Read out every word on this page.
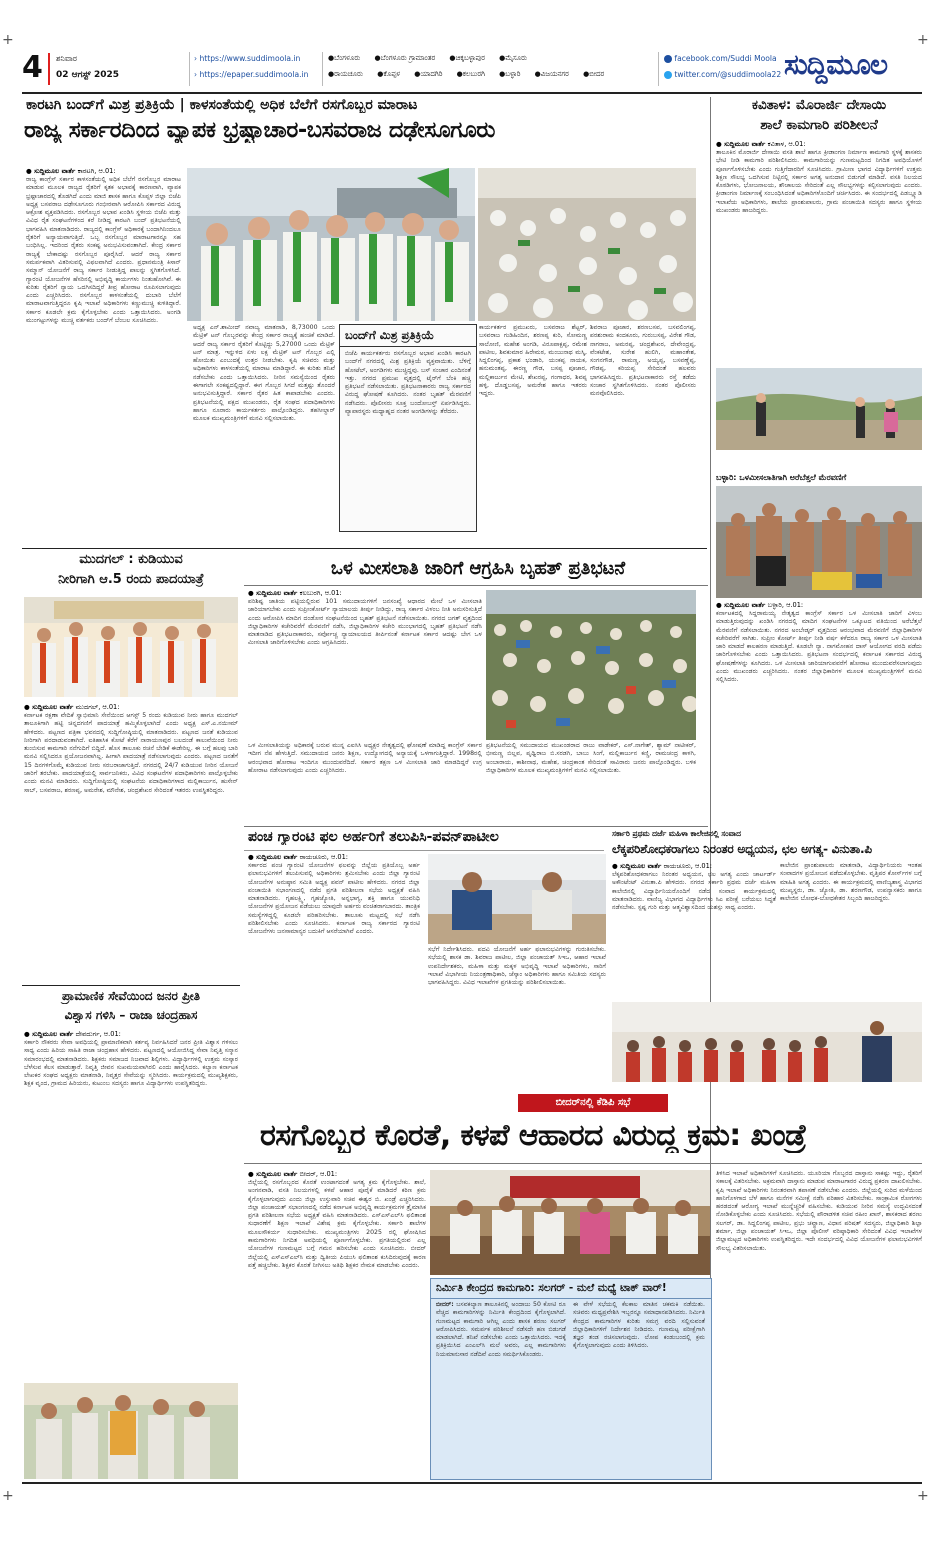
+	+
+	+
4 ಶನಿವಾರ
02 ಆಗಸ್ಟ್ 2025
› https://www.suddimoola.in
› https://epaper.suddimoola.in
●ಬೆಂಗಳೂರು ●ಬೆಂಗಳೂರು ಗ್ರಾಮಾಂತರ ●ಚಿಕ್ಕಬಳ್ಳಾಪುರ ●ಮೈಸೂರು
●ರಾಯಚೂರು ●ಕೊಪ್ಪಳ ●ಯಾದಗಿರಿ ●ಕಲಬುರಗಿ ●ಬಳ್ಳಾರಿ ●ವಿಜಯನಗರ ●ಬೀದರ
facebook.com/Suddi Moola
twitter.com/@suddimoola22 ಸುದ್ದಿಮೂಲ
ಕಾರಟಗಿ ಬಂದ್‌ಗೆ ಮಿಶ್ರ ಪ್ರತಿಕ್ರಿಯೆ | ಕಾಳಸಂತೆಯಲ್ಲಿ ಅಧಿಕ ಬೆಲೆಗೆ ರಸಗೊಬ್ಬರ ಮಾರಾಟ
ರಾಜ್ಯ ಸರ್ಕಾರದಿಂದ ವ್ಯಾಪಕ ಭ್ರಷ್ಟಾಚಾರ-ಬಸವರಾಜ ದಢೇಸೂಗೂರು
● ಸುದ್ದಿಮೂಲ ವಾರ್ತೆ ಕಾರಟಗಿ, ಆ.01:
ರಾಜ್ಯ ಕಾಂಗ್ರೆಸ್ ಸರ್ಕಾರ ಕಾಳಸಂತೆಯಲ್ಲಿ ಅಧಿಕ ಬೆಲೆಗೆ ರಸಗೊಬ್ಬರ ಮಾರಾಟ ಮಾಡುವ ಮೂಲಕ ರಾಜ್ಯದ ರೈತರಿಗೆ ಕೃತಕ ಅಭಾವಕ್ಕೆ ಕಾರಣವಾಗಿ, ವ್ಯಾಪಕ ಭ್ರಷ್ಟಾಚಾರದಲ್ಲಿ ತೊಡಗಿದೆ ಎಂದು ಮಾಜಿ ಶಾಸಕ ಹಾಗೂ ಕೊಪ್ಪಳ ಜಿಲ್ಲಾ ಬಿಜೆಪಿ ಅಧ್ಯಕ್ಷ ಬಸವರಾಜ ದಢೇಸೂಗೂರು ಗಂಭೀರವಾಗಿ ಆರೋಪಿಸಿ ಸರ್ಕಾರದ ವಿರುದ್ಧ ಆಕ್ರೋಶ ವ್ಯಕ್ತಪಡಿಸಿದರು. ರಸಗೊಬ್ಬರ ಅಭಾವ ಖಂಡಿಸಿ ಸ್ಥಳೀಯ ಬಿಜೆಪಿ ಮತ್ತು ವಿವಿಧ ರೈತ ಸಂಘಟನೆಗಳಿಂದ ಕರೆ ನೀಡಿದ್ದ ಕಾರಟಗಿ ಬಂದ್ ಪ್ರತಿಭಟನೆಯಲ್ಲಿ ಭಾಗವಹಿಸಿ ಮಾತನಾಡಿದರು. ರಾಜ್ಯದಲ್ಲಿ ಕಾಂಗ್ರೆಸ್ ಅಧಿಕಾರಕ್ಕೆ ಬಂದಾಗಿನಿಂದಲೂ ರೈತರಿಗೆ ಅನ್ಯಾಯವಾಗುತ್ತಿದೆ. ಒಬ್ಬ ರಸಗೊಬ್ಬರ ಮಾರಾಟಗಾರನ್ನೂ ಸಹ ಬಂಧಿಸಿಲ್ಲ. ಇದರಿಂದ ರೈತರು ಸಂಕಷ್ಟ ಅನುಭವಿಸುವಂತಾಗಿದೆ. ಕೇಂದ್ರ ಸರ್ಕಾರ ರಾಜ್ಯಕ್ಕೆ ಬೇಕಾದಷ್ಟು ರಸಗೊಬ್ಬರ ಪೂರೈಸಿದೆ. ಆದರೆ ರಾಜ್ಯ ಸರ್ಕಾರ ಸಮರ್ಪಕವಾಗಿ ವಿತರಿಸುವಲ್ಲಿ ವಿಫಲವಾಗಿದೆ ಎಂದರು. ಪ್ರಧಾನಮಂತ್ರಿ ಕಿಸಾನ್ ಸಮ್ಮಾನ್ ಯೋಜನೆಗೆ ರಾಜ್ಯ ಸರ್ಕಾರ ನೀಡುತ್ತಿದ್ದ ಪಾಲನ್ನು ಸ್ಥಗಿತಗೊಳಿಸಿದೆ. ಗ್ಯಾರಂಟಿ ಯೋಜನೆಗಳ ಹೆಸರಿನಲ್ಲಿ ಅಭಿವೃದ್ಧಿ ಕಾರ್ಯಗಳು ನಿಂತುಹೋಗಿವೆ. ಈ ಕುರಿತು ರೈತರಿಗೆ ನ್ಯಾಯ ಒದಗಿಸದಿದ್ದರೆ ತೀವ್ರ ಹೋರಾಟ ರೂಪಿಸಲಾಗುವುದು ಎಂದು ಎಚ್ಚರಿಸಿದರು. ರಸಗೊಬ್ಬರ ಕಾಳಸಂತೆಯಲ್ಲಿ ದುಬಾರಿ ಬೆಲೆಗೆ ಮಾರಾಟವಾಗುತ್ತಿದ್ದರೂ ಕೃಷಿ ಇಲಾಖೆ ಅಧಿಕಾರಿಗಳು ಕಣ್ಣುಮುಚ್ಚಿ ಕುಳಿತಿದ್ದಾರೆ. ಸರ್ಕಾರ ಕೂಡಲೇ ಕ್ರಮ ಕೈಗೊಳ್ಳಬೇಕು ಎಂದು ಒತ್ತಾಯಿಸಿದರು. ಅಂಗಡಿ ಮುಂಗಟ್ಟುಗಳನ್ನು ಮುಚ್ಚಿ ವರ್ತಕರು ಬಂದ್‌ಗೆ ಬೆಂಬಲ ಸೂಚಿಸಿದರು.
ಅಧ್ಯಕ್ಷ ಎನ್.ಶಾಮೀದ್ ನವಾಜ್ಯ ಮಾತನಾಡಿ, 8,73000 ಒಂದು ಮೆಟ್ರಿಕ್ ಟನ್ ಗೊಬ್ಬರವನ್ನು ಕೇಂದ್ರ ಸರ್ಕಾರ ರಾಜ್ಯಕ್ಕೆ ಹಂಚಿಕೆ ಮಾಡಿದೆ. ಆದರೆ ರಾಜ್ಯ ಸರ್ಕಾರ ರೈತರಿಗೆ ಕೊಟ್ಟಿದ್ದು 5,27000 ಒಂದು ಮೆಟ್ರಿಕ್ ಟನ್ ಮಾತ್ರ. ಇನ್ನುಳಿದ ಏಳು ಲಕ್ಷ ಮೆಟ್ರಿಕ್ ಟನ್ ಗೊಬ್ಬರ ಎಲ್ಲಿ ಹೋಯಿತು ಎಂಬುದಕ್ಕೆ ಉತ್ತರ ನೀಡಬೇಕು. ಕೃಷಿ ಸಚಿವರು ಮತ್ತು ಅಧಿಕಾರಿಗಳು ಕಾಳಸಂತೆಯಲ್ಲಿ ಮಾರಾಟ ಮಾಡಿದ್ದಾರೆ. ಈ ಕುರಿತು ತನಿಖೆ ನಡೆಸಬೇಕು ಎಂದು ಒತ್ತಾಯಿಸಿದರು. ನೀರಿನ ಸಮಸ್ಯೆಯಿಂದ ರೈತರು ಈಗಾಗಲೇ ಸಂಕಷ್ಟದಲ್ಲಿದ್ದಾರೆ. ಈಗ ಗೊಬ್ಬರ ಸಿಗದೆ ಮತ್ತಷ್ಟು ತೊಂದರೆ ಅನುಭವಿಸುತ್ತಿದ್ದಾರೆ. ಸರ್ಕಾರ ರೈತರ ಹಿತ ಕಾಪಾಡಬೇಕು ಎಂದರು. ಪ್ರತಿಭಟನೆಯಲ್ಲಿ ಪಕ್ಷದ ಮುಖಂಡರು, ರೈತ ಸಂಘದ ಪದಾಧಿಕಾರಿಗಳು ಹಾಗೂ ನೂರಾರು ಕಾರ್ಯಕರ್ತರು ಪಾಲ್ಗೊಂಡಿದ್ದರು. ತಹಸೀಲ್ದಾರ್ ಮೂಲಕ ಮುಖ್ಯಮಂತ್ರಿಗಳಿಗೆ ಮನವಿ ಸಲ್ಲಿಸಲಾಯಿತು.
ಬಂದ್‌ಗೆ ಮಿಶ್ರ ಪ್ರತಿಕ್ರಿಯೆ
ಬಿಜೆಪಿ ಕಾರ್ಯಕರ್ತರು ರಸಗೊಬ್ಬರ ಅಭಾವ ಖಂಡಿಸಿ ಕಾರಟಗಿ ಬಂದ್‌ಗೆ ನಗರದಲ್ಲಿ ಮಿಶ್ರ ಪ್ರತಿಕ್ರಿಯೆ ವ್ಯಕ್ತವಾಯಿತು. ಬೆಳಿಗ್ಗೆ ಹೋಟೆಲ್, ಅಂಗಡಿಗಳು ಮುಚ್ಚಿದ್ದವು. ಬಸ್ ಸಂಚಾರ ಎಂದಿನಂತೆ ಇತ್ತು. ನಗರದ ಪ್ರಮುಖ ವೃತ್ತದಲ್ಲಿ ಟೈರ್‌ಗೆ ಬೆಂಕಿ ಹಚ್ಚಿ ಪ್ರತಿಭಟನೆ ನಡೆಸಲಾಯಿತು. ಪ್ರತಿಭಟನಾಕಾರರು ರಾಜ್ಯ ಸರ್ಕಾರದ ವಿರುದ್ಧ ಘೋಷಣೆ ಕೂಗಿದರು. ನಂತರ ಬೃಹತ್ ಮೆರವಣಿಗೆ ನಡೆಸಿದರು. ಪೊಲೀಸರು ಸೂಕ್ತ ಬಂದೋಬಸ್ತ್ ಏರ್ಪಡಿಸಿದ್ದರು. ವ್ಯಾಪಾರಸ್ಥರು ಮಧ್ಯಾಹ್ನದ ನಂತರ ಅಂಗಡಿಗಳನ್ನು ತೆರೆದರು.
ಕಾರ್ಯಕರ್ತರ ಪ್ರಮುಖರು, ಬಸವರಾಜ ಶೆಟ್ಟರ್, ಬಸವರಾಜ ಗುಡಿಹಿಂದಿನ, ಶರಣಪ್ಪ ಕುರಿ, ಸೋಮಣ್ಣ ಸಾಲೋಣಿ, ಮಹೇಶ ಅಂಗಡಿ, ವಿರೂಪಾಕ್ಷಪ್ಪ, ರಮೇಶ ಪಾಟೀಲ, ಶಿವಕುಮಾರ ಹಿರೇಮಠ, ಮಂಜುನಾಥ ಮಸ್ಕಿ, ಸಿದ್ದಲಿಂಗಪ್ಪ, ಪ್ರಕಾಶ ಭಂಡಾರಿ, ಯಂಕಪ್ಪ ನಾಯಕ, ಹನುಮಂತಪ್ಪ, ಈರಣ್ಣ ಗೌಡ, ಬಸಪ್ಪ ಪೂಜಾರ, ಮಲ್ಲಿಕಾರ್ಜುನ ಮೇಟಿ, ಶೇಖರಪ್ಪ, ಗಂಗಾಧರ, ಶಿವಪ್ಪ ಹಳ್ಳಿ, ದೊಡ್ಡಬಸಪ್ಪ, ಅಮರೇಶ ಹಾಗೂ ಇತರರು ಇದ್ದರು.
ಶಿವರಾಜ ಪೂಜಾರ, ಶರಣಬಸವ, ಬಸವಲಿಂಗಪ್ಪ, ಪರಶುರಾಮ ಕಂದಕೂರು, ಗುರುಬಸಪ್ಪ, ವಿರೇಶ ಗೌಡ, ನಾಗರಾಜ, ಅಮರಪ್ಪ, ಚಂದ್ರಶೇಖರ, ದೇವೇಂದ್ರಪ್ಪ, ವೆಂಕಟೇಶ, ಸುರೇಶ ಹುಲಿಗಿ, ಮಹಾಂತೇಶ, ಸಂಗನಗೌಡ, ರಾಮಣ್ಣ, ಅಯ್ಯಪ್ಪ, ಬಸವಣ್ಣೆಪ್ಪ, ಗೌಡಪ್ಪ, ಕರಿಯಪ್ಪ ಸೇರಿದಂತೆ ಹಲವರು ಭಾಗವಹಿಸಿದ್ದರು. ಪ್ರತಿಭಟನಾಕಾರರು ರಸ್ತೆ ತಡೆದು ಸಂಚಾರ ಸ್ಥಗಿತಗೊಳಿಸಿದರು. ನಂತರ ಪೊಲೀಸರು ಮನವೊಲಿಸಿದರು.
ಕವಿತಾಳ: ಮೊರಾರ್ಜಿ ದೇಸಾಯಿ
ಶಾಲೆ ಕಾಮಗಾರಿ ಪರಿಶೀಲನೆ
● ಸುದ್ದಿಮೂಲ ವಾರ್ತೆ ಕವಿತಾಳ, ಆ.01:
ತಾಲೂಕಿನ ಮೊರಾರ್ಜಿ ದೇಸಾಯಿ ವಸತಿ ಶಾಲೆ ಹಾಗೂ ಕ್ರೀಡಾಂಗಣ ನಿರ್ಮಾಣ ಕಾಮಗಾರಿ ಸ್ಥಳಕ್ಕೆ ಶಾಸಕರು ಭೇಟಿ ನೀಡಿ ಕಾಮಗಾರಿ ಪರಿಶೀಲಿಸಿದರು. ಕಾಮಗಾರಿಯನ್ನು ಗುಣಮಟ್ಟದಿಂದ ನಿಗದಿತ ಅವಧಿಯೊಳಗೆ ಪೂರ್ಣಗೊಳಿಸಬೇಕು ಎಂದು ಗುತ್ತಿಗೆದಾರರಿಗೆ ಸೂಚಿಸಿದರು. ಗ್ರಾಮೀಣ ಭಾಗದ ವಿದ್ಯಾರ್ಥಿಗಳಿಗೆ ಉತ್ತಮ ಶಿಕ್ಷಣ ಸೌಲಭ್ಯ ಒದಗಿಸುವ ನಿಟ್ಟಿನಲ್ಲಿ ಸರ್ಕಾರ ಅಗತ್ಯ ಅನುದಾನ ಬಿಡುಗಡೆ ಮಾಡಿದೆ. ವಸತಿ ನಿಲಯದ ಕೊಠಡಿಗಳು, ಭೋಜನಾಲಯ, ಶೌಚಾಲಯ ಸೇರಿದಂತೆ ಎಲ್ಲ ಸೌಲಭ್ಯಗಳನ್ನು ಕಲ್ಪಿಸಲಾಗುವುದು ಎಂದರು. ಕ್ರೀಡಾಂಗಣ ನಿರ್ಮಾಣಕ್ಕೆ ಸಂಬಂಧಿಸಿದಂತೆ ಅಧಿಕಾರಿಗಳೊಂದಿಗೆ ಚರ್ಚಿಸಿದರು. ಈ ಸಂದರ್ಭದಲ್ಲಿ ಪಿಡಬ್ಲ್ಯೂಡಿ ಇಲಾಖೆಯ ಅಧಿಕಾರಿಗಳು, ಶಾಲೆಯ ಪ್ರಾಂಶುಪಾಲರು, ಗ್ರಾಮ ಪಂಚಾಯಿತಿ ಸದಸ್ಯರು ಹಾಗೂ ಸ್ಥಳೀಯ ಮುಖಂಡರು ಹಾಜರಿದ್ದರು.
ಬಳ್ಳಾರಿ: ಒಳಮೀಸಲಾತಿಗಾಗಿ ಅರೆಬೆತ್ತಲೆ ಮೆರವಣಿಗೆ
● ಸುದ್ದಿಮೂಲ ವಾರ್ತೆ ಬಳ್ಳಾರಿ, ಆ.01:
ಕರ್ನಾಟಕದಲ್ಲಿ ಸಿದ್ದರಾಮಯ್ಯ ನೇತೃತ್ವದ ಕಾಂಗ್ರೆಸ್ ಸರ್ಕಾರ ಒಳ ಮೀಸಲಾತಿ ಜಾರಿಗೆ ವಿಳಂಬ ಮಾಡುತ್ತಿರುವುದನ್ನು ಖಂಡಿಸಿ ನಗರದಲ್ಲಿ ಮಾದಿಗ ಸಂಘಟನೆಗಳ ಒಕ್ಕೂಟದ ವತಿಯಿಂದ ಅರೆಬೆತ್ತಲೆ ಮೆರವಣಿಗೆ ನಡೆಸಲಾಯಿತು. ನಗರದ ಅಂಬೇಡ್ಕರ್ ವೃತ್ತದಿಂದ ಆರಂಭವಾದ ಮೆರವಣಿಗೆ ಜಿಲ್ಲಾಧಿಕಾರಿಗಳ ಕಚೇರಿವರೆಗೆ ಸಾಗಿತು. ಸುಪ್ರೀಂ ಕೋರ್ಟ್ ತೀರ್ಪು ನೀಡಿ ವರ್ಷ ಕಳೆದರೂ ರಾಜ್ಯ ಸರ್ಕಾರ ಒಳ ಮೀಸಲಾತಿ ಜಾರಿ ಮಾಡದೆ ಕಾಲಹರಣ ಮಾಡುತ್ತಿದೆ. ಕೂಡಲೇ ನ್ಯಾ. ನಾಗಮೋಹನ ದಾಸ್ ಆಯೋಗದ ವರದಿ ಪಡೆದು ಜಾರಿಗೊಳಿಸಬೇಕು ಎಂದು ಒತ್ತಾಯಿಸಿದರು. ಪ್ರತಿಭಟನಾ ಸಂದರ್ಭದಲ್ಲಿ ಕರ್ನಾಟಕ ಸರ್ಕಾರದ ವಿರುದ್ಧ ಘೋಷಣೆಗಳನ್ನು ಕೂಗಿದರು. ಒಳ ಮೀಸಲಾತಿ ಜಾರಿಯಾಗುವವರೆಗೆ ಹೋರಾಟ ಮುಂದುವರೆಸಲಾಗುವುದು ಎಂದು ಮುಖಂಡರು ಎಚ್ಚರಿಸಿದರು. ನಂತರ ಜಿಲ್ಲಾಧಿಕಾರಿಗಳ ಮೂಲಕ ಮುಖ್ಯಮಂತ್ರಿಗಳಿಗೆ ಮನವಿ ಸಲ್ಲಿಸಿದರು.
ಮುದಗಲ್ : ಕುಡಿಯುವ
ನೀರಿಗಾಗಿ ಆ.5 ರಂದು ಪಾದಯಾತ್ರೆ
● ಸುದ್ದಿಮೂಲ ವಾರ್ತೆ ಮುದಗಲ್, ಆ.01:
ಕರ್ನಾಟಕ ರಕ್ಷಣಾ ವೇದಿಕೆ ಸ್ವಾಭಿಮಾನಿ ಸೇನೆಯಿಂದ ಆಗಸ್ಟ್ 5 ರಂದು ಕುಡಿಯುವ ನೀರು ಹಾಗೂ ಮುದಗಲ್ ತಾಲೂಕಿಗಾಗಿ ಹಟ್ಟಿ ಚಿನ್ನದಗಣಿಗೆ ಪಾದಯಾತ್ರೆ ಹಮ್ಮಿಕೊಳ್ಳಲಾಗಿದೆ ಎಂದು ಅಧ್ಯಕ್ಷ ಎಸ್.ಎ.ನಯೀಮ್ ಹೇಳಿದರು. ಪಟ್ಟಣದ ಪತ್ರಿಕಾ ಭವನದಲ್ಲಿ ಸುದ್ದಿಗೋಷ್ಠಿಯಲ್ಲಿ ಮಾತನಾಡಿದರು. ಪಟ್ಟಣದ ಜನತೆ ಕುಡಿಯುವ ನೀರಿಗಾಗಿ ಪರದಾಡುವಂತಾಗಿದೆ. ಐತಿಹಾಸಿಕ ಕೋಟೆ ಕೆರೆಗೆ ನಾರಾಯಣಪುರ ಬಲದಂಡೆ ಕಾಲುವೆಯಿಂದ ನೀರು ತುಂಬಿಸುವ ಕಾಮಗಾರಿ ನನೆಗುದಿಗೆ ಬಿದ್ದಿದೆ. ಹೊಸ ತಾಲೂಕು ರಚನೆ ಬೇಡಿಕೆ ಈಡೇರಿಲ್ಲ. ಈ ಬಗ್ಗೆ ಹಲವು ಬಾರಿ ಮನವಿ ಸಲ್ಲಿಸಿದರೂ ಪ್ರಯೋಜನವಾಗಿಲ್ಲ. ಹೀಗಾಗಿ ಪಾದಯಾತ್ರೆ ನಡೆಸಲಾಗುವುದು ಎಂದರು. ಪಟ್ಟಣದ ಜನತೆಗೆ 15 ದಿನಗಳಿಗೊಮ್ಮೆ ಕುಡಿಯುವ ನೀರು ಸರಬರಾಜಾಗುತ್ತಿದೆ. ನಗರದಲ್ಲಿ 24/7 ಕುಡಿಯುವ ನೀರಿನ ಯೋಜನೆ ಜಾರಿಗೆ ತರಬೇಕು. ಪಾದಯಾತ್ರೆಯಲ್ಲಿ ಸಾರ್ವಜನಿಕರು, ವಿವಿಧ ಸಂಘಟನೆಗಳ ಪದಾಧಿಕಾರಿಗಳು ಪಾಲ್ಗೊಳ್ಳಬೇಕು ಎಂದು ಮನವಿ ಮಾಡಿದರು. ಸುದ್ದಿಗೋಷ್ಠಿಯಲ್ಲಿ ಸಂಘಟನೆಯ ಪದಾಧಿಕಾರಿಗಳಾದ ಮಲ್ಲಿಕಾರ್ಜುನ, ಹುಸೇನ್ ಸಾಬ್, ಬಸವರಾಜ, ಶರಣಪ್ಪ, ಅಮರೇಶ, ಮೌನೇಶ, ಚಂದ್ರಶೇಖರ ಸೇರಿದಂತೆ ಇತರರು ಉಪಸ್ಥಿತರಿದ್ದರು.
ಪ್ರಾಮಾಣಿಕ ಸೇವೆಯಿಂದ ಜನರ ಪ್ರೀತಿ
ವಿಶ್ವಾಸ ಗಳಿಸಿ – ರಾಜಾ ಚಂದ್ರಹಾಸ
● ಸುದ್ದಿಮೂಲ ವಾರ್ತೆ ದೇವದುರ್ಗ, ಆ.01:
ಸರ್ಕಾರಿ ನೌಕರರು ಸೇವಾ ಅವಧಿಯಲ್ಲಿ ಪ್ರಾಮಾಣಿಕವಾಗಿ ಕರ್ತವ್ಯ ನಿರ್ವಹಿಸಿದರೆ ಜನರ ಪ್ರೀತಿ ವಿಶ್ವಾಸ ಗಳಿಸಲು ಸಾಧ್ಯ ಎಂದು ಹಿರಿಯ ಸಾಹಿತಿ ರಾಜಾ ಚಂದ್ರಹಾಸ ಹೇಳಿದರು. ಪಟ್ಟಣದಲ್ಲಿ ಆಯೋಜಿಸಿದ್ದ ಸೇವಾ ನಿವೃತ್ತಿ ಸನ್ಮಾನ ಸಮಾರಂಭದಲ್ಲಿ ಮಾತನಾಡಿದರು. ಶಿಕ್ಷಕರು ಸಮಾಜದ ನಿಜವಾದ ಶಿಲ್ಪಿಗಳು. ವಿದ್ಯಾರ್ಥಿಗಳಲ್ಲಿ ಉತ್ತಮ ಸಂಸ್ಕಾರ ಬೆಳೆಸುವ ಕೆಲಸ ಮಾಡುತ್ತಾರೆ. ನಿವೃತ್ತಿ ಜೀವನ ಸುಖಮಯವಾಗಿರಲಿ ಎಂದು ಹಾರೈಸಿದರು. ಕಲ್ಯಾಣ ಕರ್ನಾಟಕ ಲೇಖಕರ ಸಂಘದ ಅಧ್ಯಕ್ಷರು ಮಾತನಾಡಿ, ನಿವೃತ್ತರ ಸೇವೆಯನ್ನು ಸ್ಮರಿಸಿದರು. ಕಾರ್ಯಕ್ರಮದಲ್ಲಿ ಮುಖ್ಯಶಿಕ್ಷಕರು, ಶಿಕ್ಷಕ ವೃಂದ, ಗ್ರಾಮದ ಹಿರಿಯರು, ಕುಟುಂಬ ಸದಸ್ಯರು ಹಾಗೂ ವಿದ್ಯಾರ್ಥಿಗಳು ಉಪಸ್ಥಿತರಿದ್ದರು.
ಒಳ ಮೀಸಲಾತಿ ಜಾರಿಗೆ ಆಗ್ರಹಿಸಿ ಬೃಹತ್ ಪ್ರತಿಭಟನೆ
● ಸುದ್ದಿಮೂಲ ವಾರ್ತೆ ಕಲಬುರಗಿ, ಆ.01:
ಪರಿಶಿಷ್ಟ ಜಾತಿಯ ಪಟ್ಟಿಯಲ್ಲಿರುವ 101 ಸಮುದಾಯಗಳಿಗೆ ಜನಸಂಖ್ಯೆ ಆಧಾರದ ಮೇಲೆ ಒಳ ಮೀಸಲಾತಿ ಜಾರಿಯಾಗಬೇಕು ಎಂದು ಸುಪ್ರೀಂಕೋರ್ಟ್ ನ್ಯಾಯಾಲಯ ತೀರ್ಪು ನೀಡಿದ್ದು, ರಾಜ್ಯ ಸರ್ಕಾರ ವಿಳಂಬ ನೀತಿ ಅನುಸರಿಸುತ್ತಿದೆ ಎಂದು ಆರೋಪಿಸಿ ಮಾದಿಗ ದಂಡೋರ ಸಂಘಟನೆಯಿಂದ ಬೃಹತ್ ಪ್ರತಿಭಟನೆ ನಡೆಸಲಾಯಿತು. ನಗರದ ಜಗತ್ ವೃತ್ತದಿಂದ ಜಿಲ್ಲಾಧಿಕಾರಿಗಳ ಕಚೇರಿವರೆಗೆ ಮೆರವಣಿಗೆ ನಡೆಸಿ, ಜಿಲ್ಲಾಧಿಕಾರಿಗಳ ಕಚೇರಿ ಮುಂಭಾಗದಲ್ಲಿ ಬೃಹತ್ ಪ್ರತಿಭಟನೆ ನಡೆಸಿ ಮಾತನಾಡಿದ ಪ್ರತಿಭಟನಾಕಾರರು, ಸರ್ವೋಚ್ಚ ನ್ಯಾಯಾಲಯದ ತೀರ್ಪಿನಂತೆ ಕರ್ನಾಟಕ ಸರ್ಕಾರ ಆದಷ್ಟು ಬೇಗ ಒಳ ಮೀಸಲಾತಿ ಜಾರಿಗೊಳಿಸಬೇಕು ಎಂದು ಆಗ್ರಹಿಸಿದರು.
ಒಳ ಮೀಸಲಾತಿಯನ್ನು ಅಧಿಕಾರಕ್ಕೆ ಬರುವ ಮುನ್ನ ಎಐಸಿಸಿ ಅಧ್ಯಕ್ಷರ ನೇತೃತ್ವದಲ್ಲಿ ಘೋಷಣೆ ಮಾಡಿದ್ದ ಕಾಂಗ್ರೆಸ್ ಸರ್ಕಾರ ಇದೀಗ ನೆಪ ಹೇಳುತ್ತಿದೆ. ಸಮುದಾಯದ ಜನರು ಶಿಕ್ಷಣ, ಉದ್ಯೋಗದಲ್ಲಿ ಅನ್ಯಾಯಕ್ಕೆ ಒಳಗಾಗುತ್ತಿದ್ದಾರೆ. 1998ರಲ್ಲಿ ಆರಂಭವಾದ ಹೋರಾಟ ಇಂದಿಗೂ ಮುಂದುವರೆದಿದೆ. ಸರ್ಕಾರ ತಕ್ಷಣ ಒಳ ಮೀಸಲಾತಿ ಜಾರಿ ಮಾಡದಿದ್ದರೆ ಉಗ್ರ ಹೋರಾಟ ನಡೆಸಲಾಗುವುದು ಎಂದು ಎಚ್ಚರಿಸಿದರು.
ಪ್ರತಿಭಟನೆಯಲ್ಲಿ ಸಮುದಾಯದ ಮುಖಂಡರಾದ ರಾಜು ವಾಡೇಕರ್, ಎಸ್.ನಾಗೇಶ್, ಶ್ಯಾಮ್ ನಾಟೀಕರ್, ಭೀಮಣ್ಣ ಬಿಲ್ಲವ, ಪೃಥ್ವಿರಾಜ ಬಿ.ಸರಡಗಿ, ಬಾಬು ಸಿಂಗೆ, ಮಲ್ಲಿಕಾರ್ಜುನ ಕಣ್ಣಿ, ರಾಮಚಂದ್ರ ಕಾಳಗಿ, ಅಂಬಾರಾಯ, ಕಾಶೀನಾಥ, ಮಹೇಶ, ಚಂದ್ರಕಾಂತ ಸೇರಿದಂತೆ ಸಾವಿರಾರು ಜನರು ಪಾಲ್ಗೊಂಡಿದ್ದರು. ಬಳಿಕ ಜಿಲ್ಲಾಧಿಕಾರಿಗಳ ಮೂಲಕ ಮುಖ್ಯಮಂತ್ರಿಗಳಿಗೆ ಮನವಿ ಸಲ್ಲಿಸಲಾಯಿತು.
ಪಂಚ ಗ್ಯಾರಂಟಿ ಫಲ ಅರ್ಹರಿಗೆ ತಲುಪಿಸಿ-ಪವನ್‌ಪಾಟೀಲ
● ಸುದ್ದಿಮೂಲ ವಾರ್ತೆ ರಾಯಚೂರು, ಆ.01:
ಸರ್ಕಾರದ ಪಂಚ ಗ್ಯಾರಂಟಿ ಯೋಜನೆಗಳ ಫಲವನ್ನು ಜಿಲ್ಲೆಯ ಪ್ರತಿಯೊಬ್ಬ ಅರ್ಹ ಫಲಾನುಭವಿಗಳಿಗೆ ತಲುಪಿಸುವಲ್ಲಿ ಅಧಿಕಾರಿಗಳು ಶ್ರಮಿಸಬೇಕು ಎಂದು ಜಿಲ್ಲಾ ಗ್ಯಾರಂಟಿ ಯೋಜನೆಗಳ ಅನುಷ್ಠಾನ ಸಮಿತಿ ಅಧ್ಯಕ್ಷ ಪವನ್ ಪಾಟೀಲ ಹೇಳಿದರು. ನಗರದ ಜಿಲ್ಲಾ ಪಂಚಾಯಿತಿ ಸಭಾಂಗಣದಲ್ಲಿ ನಡೆದ ಪ್ರಗತಿ ಪರಿಶೀಲನಾ ಸಭೆಯ ಅಧ್ಯಕ್ಷತೆ ವಹಿಸಿ ಮಾತನಾಡಿದರು. ಗೃಹಲಕ್ಷ್ಮಿ, ಗೃಹಜ್ಯೋತಿ, ಅನ್ನಭಾಗ್ಯ, ಶಕ್ತಿ ಹಾಗೂ ಯುವನಿಧಿ ಯೋಜನೆಗಳ ಪ್ರಯೋಜನ ಪಡೆಯಲು ಯಾವುದೇ ಅರ್ಹರು ವಂಚಿತರಾಗಬಾರದು. ತಾಂತ್ರಿಕ ಸಮಸ್ಯೆಗಳಿದ್ದಲ್ಲಿ ಕೂಡಲೇ ಪರಿಹರಿಸಬೇಕು. ತಾಲೂಕು ಮಟ್ಟದಲ್ಲಿ ಸಭೆ ನಡೆಸಿ ಪರಿಶೀಲಿಸಬೇಕು ಎಂದು ಸೂಚಿಸಿದರು. ಕರ್ನಾಟಕ ರಾಜ್ಯ ಸರ್ಕಾರದ ಗ್ಯಾರಂಟಿ ಯೋಜನೆಗಳು ಜನಸಾಮಾನ್ಯರ ಬದುಕಿಗೆ ಆಸರೆಯಾಗಿವೆ ಎಂದರು.
ಸಭೆಗೆ ನಿರ್ದೇಶಿಸಿದರು. ಪದವಿ ಯೋಜನೆಗೆ ಅರ್ಹ ಫಲಾನುಭವಿಗಳನ್ನು ಗುರುತಿಸಬೇಕು. ಸಭೆಯಲ್ಲಿ ಶಾಸಕ ಡಾ. ಶಿವರಾಜ ಪಾಟೀಲ, ಜಿಲ್ಲಾ ಪಂಚಾಯತ್ ಸಿಇಒ, ಆಹಾರ ಇಲಾಖೆ ಉಪನಿರ್ದೇಶಕರು, ಮಹಿಳಾ ಮತ್ತು ಮಕ್ಕಳ ಅಭಿವೃದ್ಧಿ ಇಲಾಖೆ ಅಧಿಕಾರಿಗಳು, ಸಾರಿಗೆ ಇಲಾಖೆ ವಿಭಾಗೀಯ ನಿಯಂತ್ರಣಾಧಿಕಾರಿ, ಜೆಸ್ಕಾಂ ಅಧಿಕಾರಿಗಳು ಹಾಗೂ ಸಮಿತಿಯ ಸದಸ್ಯರು ಭಾಗವಹಿಸಿದ್ದರು. ವಿವಿಧ ಇಲಾಖೆಗಳ ಪ್ರಗತಿಯನ್ನು ಪರಿಶೀಲಿಸಲಾಯಿತು.
ಸರ್ಕಾರಿ ಪ್ರಥಮ ದರ್ಜೆ ಮಹಿಳಾ ಕಾಲೇಜಿನಲ್ಲಿ ಸಂವಾದ
ಲೆಕ್ಕಪರಿಶೋಧಕರಾಗಲು ನಿರಂತರ ಅಧ್ಯಯನ, ಛಲ ಅಗತ್ಯ- ವಿನುತಾ.ಪಿ
● ಸುದ್ದಿಮೂಲ ವಾರ್ತೆ ರಾಯಚೂರು, ಆ.01:
ಲೆಕ್ಕಪರಿಶೋಧಕರಾಗಲು ನಿರಂತರ ಅಧ್ಯಯನ, ಛಲ ಅಗತ್ಯ ಎಂದು ಚಾರ್ಟರ್ಡ್ ಅಕೌಂಟೆಂಟ್ ವಿನುತಾ.ಪಿ ಹೇಳಿದರು. ನಗರದ ಸರ್ಕಾರಿ ಪ್ರಥಮ ದರ್ಜೆ ಮಹಿಳಾ ಕಾಲೇಜಿನಲ್ಲಿ ವಿದ್ಯಾರ್ಥಿನಿಯರೊಂದಿಗೆ ನಡೆದ ಸಂವಾದ ಕಾರ್ಯಕ್ರಮದಲ್ಲಿ ಮಾತನಾಡಿದರು. ವಾಣಿಜ್ಯ ವಿಭಾಗದ ವಿದ್ಯಾರ್ಥಿಗಳು ಸಿಎ ಪರೀಕ್ಷೆ ಬರೆಯಲು ಸಿದ್ಧತೆ ನಡೆಸಬೇಕು. ಸ್ಪಷ್ಟ ಗುರಿ ಮತ್ತು ಆತ್ಮವಿಶ್ವಾಸದಿಂದ ಯಶಸ್ಸು ಸಾಧ್ಯ ಎಂದರು.
ಕಾಲೇಜಿನ ಪ್ರಾಂಶುಪಾಲರು ಮಾತನಾಡಿ, ವಿದ್ಯಾರ್ಥಿನಿಯರು ಇಂತಹ ಸಂವಾದಗಳ ಪ್ರಯೋಜನ ಪಡೆದುಕೊಳ್ಳಬೇಕು. ವೃತ್ತಿಪರ ಕೋರ್ಸ್‌ಗಳ ಬಗ್ಗೆ ಮಾಹಿತಿ ಅಗತ್ಯ ಎಂದರು. ಈ ಕಾರ್ಯಕ್ರಮದಲ್ಲಿ ವಾಣಿಜ್ಯಶಾಸ್ತ್ರ ವಿಭಾಗದ ಮುಖ್ಯಸ್ಥರು, ಡಾ. ಜ್ಯೋತಿ, ಡಾ. ಶರಣಗೌಡ, ಉಪನ್ಯಾಸಕರು ಹಾಗೂ ಕಾಲೇಜಿನ ಬೋಧಕ-ಬೋಧಕೇತರ ಸಿಬ್ಬಂದಿ ಹಾಜರಿದ್ದರು.
ಬೀದರ್‌ನಲ್ಲಿ ಕೆಡಿಪಿ ಸಭೆ
ರಸಗೊಬ್ಬರ ಕೊರತೆ, ಕಳಪೆ ಆಹಾರದ ವಿರುದ್ಧ ಕ್ರಮ: ಖಂಡ್ರೆ
● ಸುದ್ದಿಮೂಲ ವಾರ್ತೆ ಬೀದರ್, ಆ.01:
ಜಿಲ್ಲೆಯಲ್ಲಿ ರಸಗೊಬ್ಬರದ ಕೊರತೆ ಉಂಟಾಗದಂತೆ ಅಗತ್ಯ ಕ್ರಮ ಕೈಗೊಳ್ಳಬೇಕು. ಶಾಲೆ, ಅಂಗನವಾಡಿ, ವಸತಿ ನಿಲಯಗಳಲ್ಲಿ ಕಳಪೆ ಆಹಾರ ಪೂರೈಕೆ ಮಾಡಿದರೆ ಕಠಿಣ ಕ್ರಮ ಕೈಗೊಳ್ಳಲಾಗುವುದು ಎಂದು ಜಿಲ್ಲಾ ಉಸ್ತುವಾರಿ ಸಚಿವ ಈಶ್ವರ ಬಿ. ಖಂಡ್ರೆ ಎಚ್ಚರಿಸಿದರು. ಜಿಲ್ಲಾ ಪಂಚಾಯತ್ ಸಭಾಂಗಣದಲ್ಲಿ ನಡೆದ ಕರ್ನಾಟಕ ಅಭಿವೃದ್ಧಿ ಕಾರ್ಯಕ್ರಮಗಳ ತ್ರೈಮಾಸಿಕ ಪ್ರಗತಿ ಪರಿಶೀಲನಾ ಸಭೆಯ ಅಧ್ಯಕ್ಷತೆ ವಹಿಸಿ ಮಾತನಾಡಿದರು. ಎಸ್‌ಎಸ್‌ಎಲ್‌ಸಿ ಫಲಿತಾಂಶ ಸುಧಾರಣೆಗೆ ಶಿಕ್ಷಣ ಇಲಾಖೆ ವಿಶೇಷ ಕ್ರಮ ಕೈಗೊಳ್ಳಬೇಕು. ಸರ್ಕಾರಿ ಶಾಲೆಗಳ ಮೂಲಸೌಕರ್ಯ ಸುಧಾರಿಸಬೇಕು. ಮುಖ್ಯಮಂತ್ರಿಗಳು 2025 ರಲ್ಲಿ ಘೋಷಿಸಿದ ಕಾಮಗಾರಿಗಳು ನಿಗದಿತ ಅವಧಿಯಲ್ಲಿ ಪೂರ್ಣಗೊಳ್ಳಬೇಕು. ಪ್ರಗತಿಯಲ್ಲಿರುವ ಎಲ್ಲ ಯೋಜನೆಗಳ ಗುಣಮಟ್ಟದ ಬಗ್ಗೆ ಗಮನ ಹರಿಸಬೇಕು ಎಂದು ಸೂಚಿಸಿದರು. ಬೀದರ್ ಜಿಲ್ಲೆಯಲ್ಲಿ ಎಸ್‌ಎಸ್‌ಎಲ್‌ಸಿ ಮತ್ತು ದ್ವಿತೀಯ ಪಿಯುಸಿ ಫಲಿತಾಂಶ ಕುಸಿದಿರುವುದಕ್ಕೆ ಕಾರಣ ಪತ್ತೆ ಹಚ್ಚಬೇಕು. ಶಿಕ್ಷಕರ ಕೊರತೆ ನೀಗಿಸಲು ಅತಿಥಿ ಶಿಕ್ಷಕರ ನೇಮಕ ಮಾಡಬೇಕು ಎಂದರು.
ನಿರ್ಮಿತಿ ಕೇಂದ್ರದ ಕಾಮಗಾರಿ: ಸಲಗರ್ - ಮಲೆ ಮಧ್ಯೆ ಟಾಕ್ ವಾರ್!
ಬೀದರ್: ಬಸವಕಲ್ಯಾಣ ತಾಲೂಕಿನಲ್ಲಿ ಅಂದಾಜು 50 ಕೋಟಿ ರೂ ವೆಚ್ಚದ ಕಾಮಗಾರಿಗಳನ್ನು ನಿರ್ಮಿತಿ ಕೇಂದ್ರದಿಂದ ಕೈಗೊಳ್ಳಲಾಗಿದೆ. ಗುಣಮಟ್ಟದ ಕಾಮಗಾರಿ ಆಗಿಲ್ಲ ಎಂದು ಶಾಸಕ ಶರಣು ಸಲಗರ್ ಆರೋಪಿಸಿದರು. ಸಮರ್ಪಕ ಪರಿಶೀಲನೆ ನಡೆಸದೇ ಹಣ ಬಿಡುಗಡೆ ಮಾಡಲಾಗಿದೆ. ತನಿಖೆ ನಡೆಸಬೇಕು ಎಂದು ಒತ್ತಾಯಿಸಿದರು. ಇದಕ್ಕೆ ಪ್ರತಿಕ್ರಿಯಿಸಿದ ಎಂಎಲ್‌ಸಿ ಮಲೆ ಅವರು, ಎಲ್ಲ ಕಾಮಗಾರಿಗಳು ನಿಯಮಾನುಸಾರ ನಡೆದಿವೆ ಎಂದು ಸಮರ್ಥಿಸಿಕೊಂಡರು.
ಈ ವೇಳೆ ಸಭೆಯಲ್ಲಿ ಕೆಲಕಾಲ ಮಾತಿನ ಚಕಮಕಿ ನಡೆಯಿತು. ಸಚಿವರು ಮಧ್ಯಪ್ರವೇಶಿಸಿ ಇಬ್ಬರನ್ನೂ ಸಮಾಧಾನಪಡಿಸಿದರು. ನಿರ್ಮಿತಿ ಕೇಂದ್ರದ ಕಾಮಗಾರಿಗಳ ಕುರಿತು ಸಮಗ್ರ ವರದಿ ಸಲ್ಲಿಸುವಂತೆ ಜಿಲ್ಲಾಧಿಕಾರಿಗಳಿಗೆ ನಿರ್ದೇಶನ ನೀಡಿದರು. ಗುಣಮಟ್ಟ ಪರೀಕ್ಷೆಗಾಗಿ ತಜ್ಞರ ತಂಡ ರಚಿಸಲಾಗುವುದು. ಲೋಪ ಕಂಡುಬಂದಲ್ಲಿ ಕ್ರಮ ಕೈಗೊಳ್ಳಲಾಗುವುದು ಎಂದು ತಿಳಿಸಿದರು.
ತಿಳಿಸಿದ ಇಲಾಖೆ ಅಧಿಕಾರಿಗಳಿಗೆ ಸೂಚಿಸಿದರು. ಯೂರಿಯಾ ಗೊಬ್ಬರದ ದಾಸ್ತಾನು ಸಾಕಷ್ಟು ಇದ್ದು, ರೈತರಿಗೆ ಸಕಾಲಕ್ಕೆ ವಿತರಿಸಬೇಕು. ಅಕ್ರಮವಾಗಿ ದಾಸ್ತಾನು ಮಾಡುವ ಮಾರಾಟಗಾರರ ವಿರುದ್ಧ ಪ್ರಕರಣ ದಾಖಲಿಸಬೇಕು. ಕೃಷಿ ಇಲಾಖೆ ಅಧಿಕಾರಿಗಳು ನಿರಂತರವಾಗಿ ತಪಾಸಣೆ ನಡೆಸಬೇಕು ಎಂದರು. ಜಿಲ್ಲೆಯಲ್ಲಿ ಸುರಿದ ಮಳೆಯಿಂದ ಹಾನಿಗೊಳಗಾದ ಬೆಳೆ ಹಾಗೂ ಮನೆಗಳ ಸಮೀಕ್ಷೆ ನಡೆಸಿ ಪರಿಹಾರ ವಿತರಿಸಬೇಕು. ಸಾಂಕ್ರಾಮಿಕ ರೋಗಗಳು ಹರಡದಂತೆ ಆರೋಗ್ಯ ಇಲಾಖೆ ಮುನ್ನೆಚ್ಚರಿಕೆ ವಹಿಸಬೇಕು. ಕುಡಿಯುವ ನೀರಿನ ಸಮಸ್ಯೆ ಉದ್ಭವಿಸದಂತೆ ನೋಡಿಕೊಳ್ಳಬೇಕು ಎಂದು ಸೂಚಿಸಿದರು. ಸಭೆಯಲ್ಲಿ ಪೌರಾಡಳಿತ ಸಚಿವ ರಹೀಂ ಖಾನ್, ಶಾಸಕರಾದ ಶರಣು ಸಲಗರ್, ಡಾ. ಸಿದ್ದಲಿಂಗಪ್ಪ ಪಾಟೀಲ, ಪ್ರಭು ಚವ್ಹಾಣ, ವಿಧಾನ ಪರಿಷತ್ ಸದಸ್ಯರು, ಜಿಲ್ಲಾಧಿಕಾರಿ ಶಿಲ್ಪಾ ಶರ್ಮಾ, ಜಿಲ್ಲಾ ಪಂಚಾಯತ್ ಸಿಇಒ, ಜಿಲ್ಲಾ ಪೊಲೀಸ್ ವರಿಷ್ಠಾಧಿಕಾರಿ ಸೇರಿದಂತೆ ವಿವಿಧ ಇಲಾಖೆಗಳ ಜಿಲ್ಲಾಮಟ್ಟದ ಅಧಿಕಾರಿಗಳು ಉಪಸ್ಥಿತರಿದ್ದರು. ಇದೇ ಸಂದರ್ಭದಲ್ಲಿ ವಿವಿಧ ಯೋಜನೆಗಳ ಫಲಾನುಭವಿಗಳಿಗೆ ಸೌಲಭ್ಯ ವಿತರಿಸಲಾಯಿತು.
